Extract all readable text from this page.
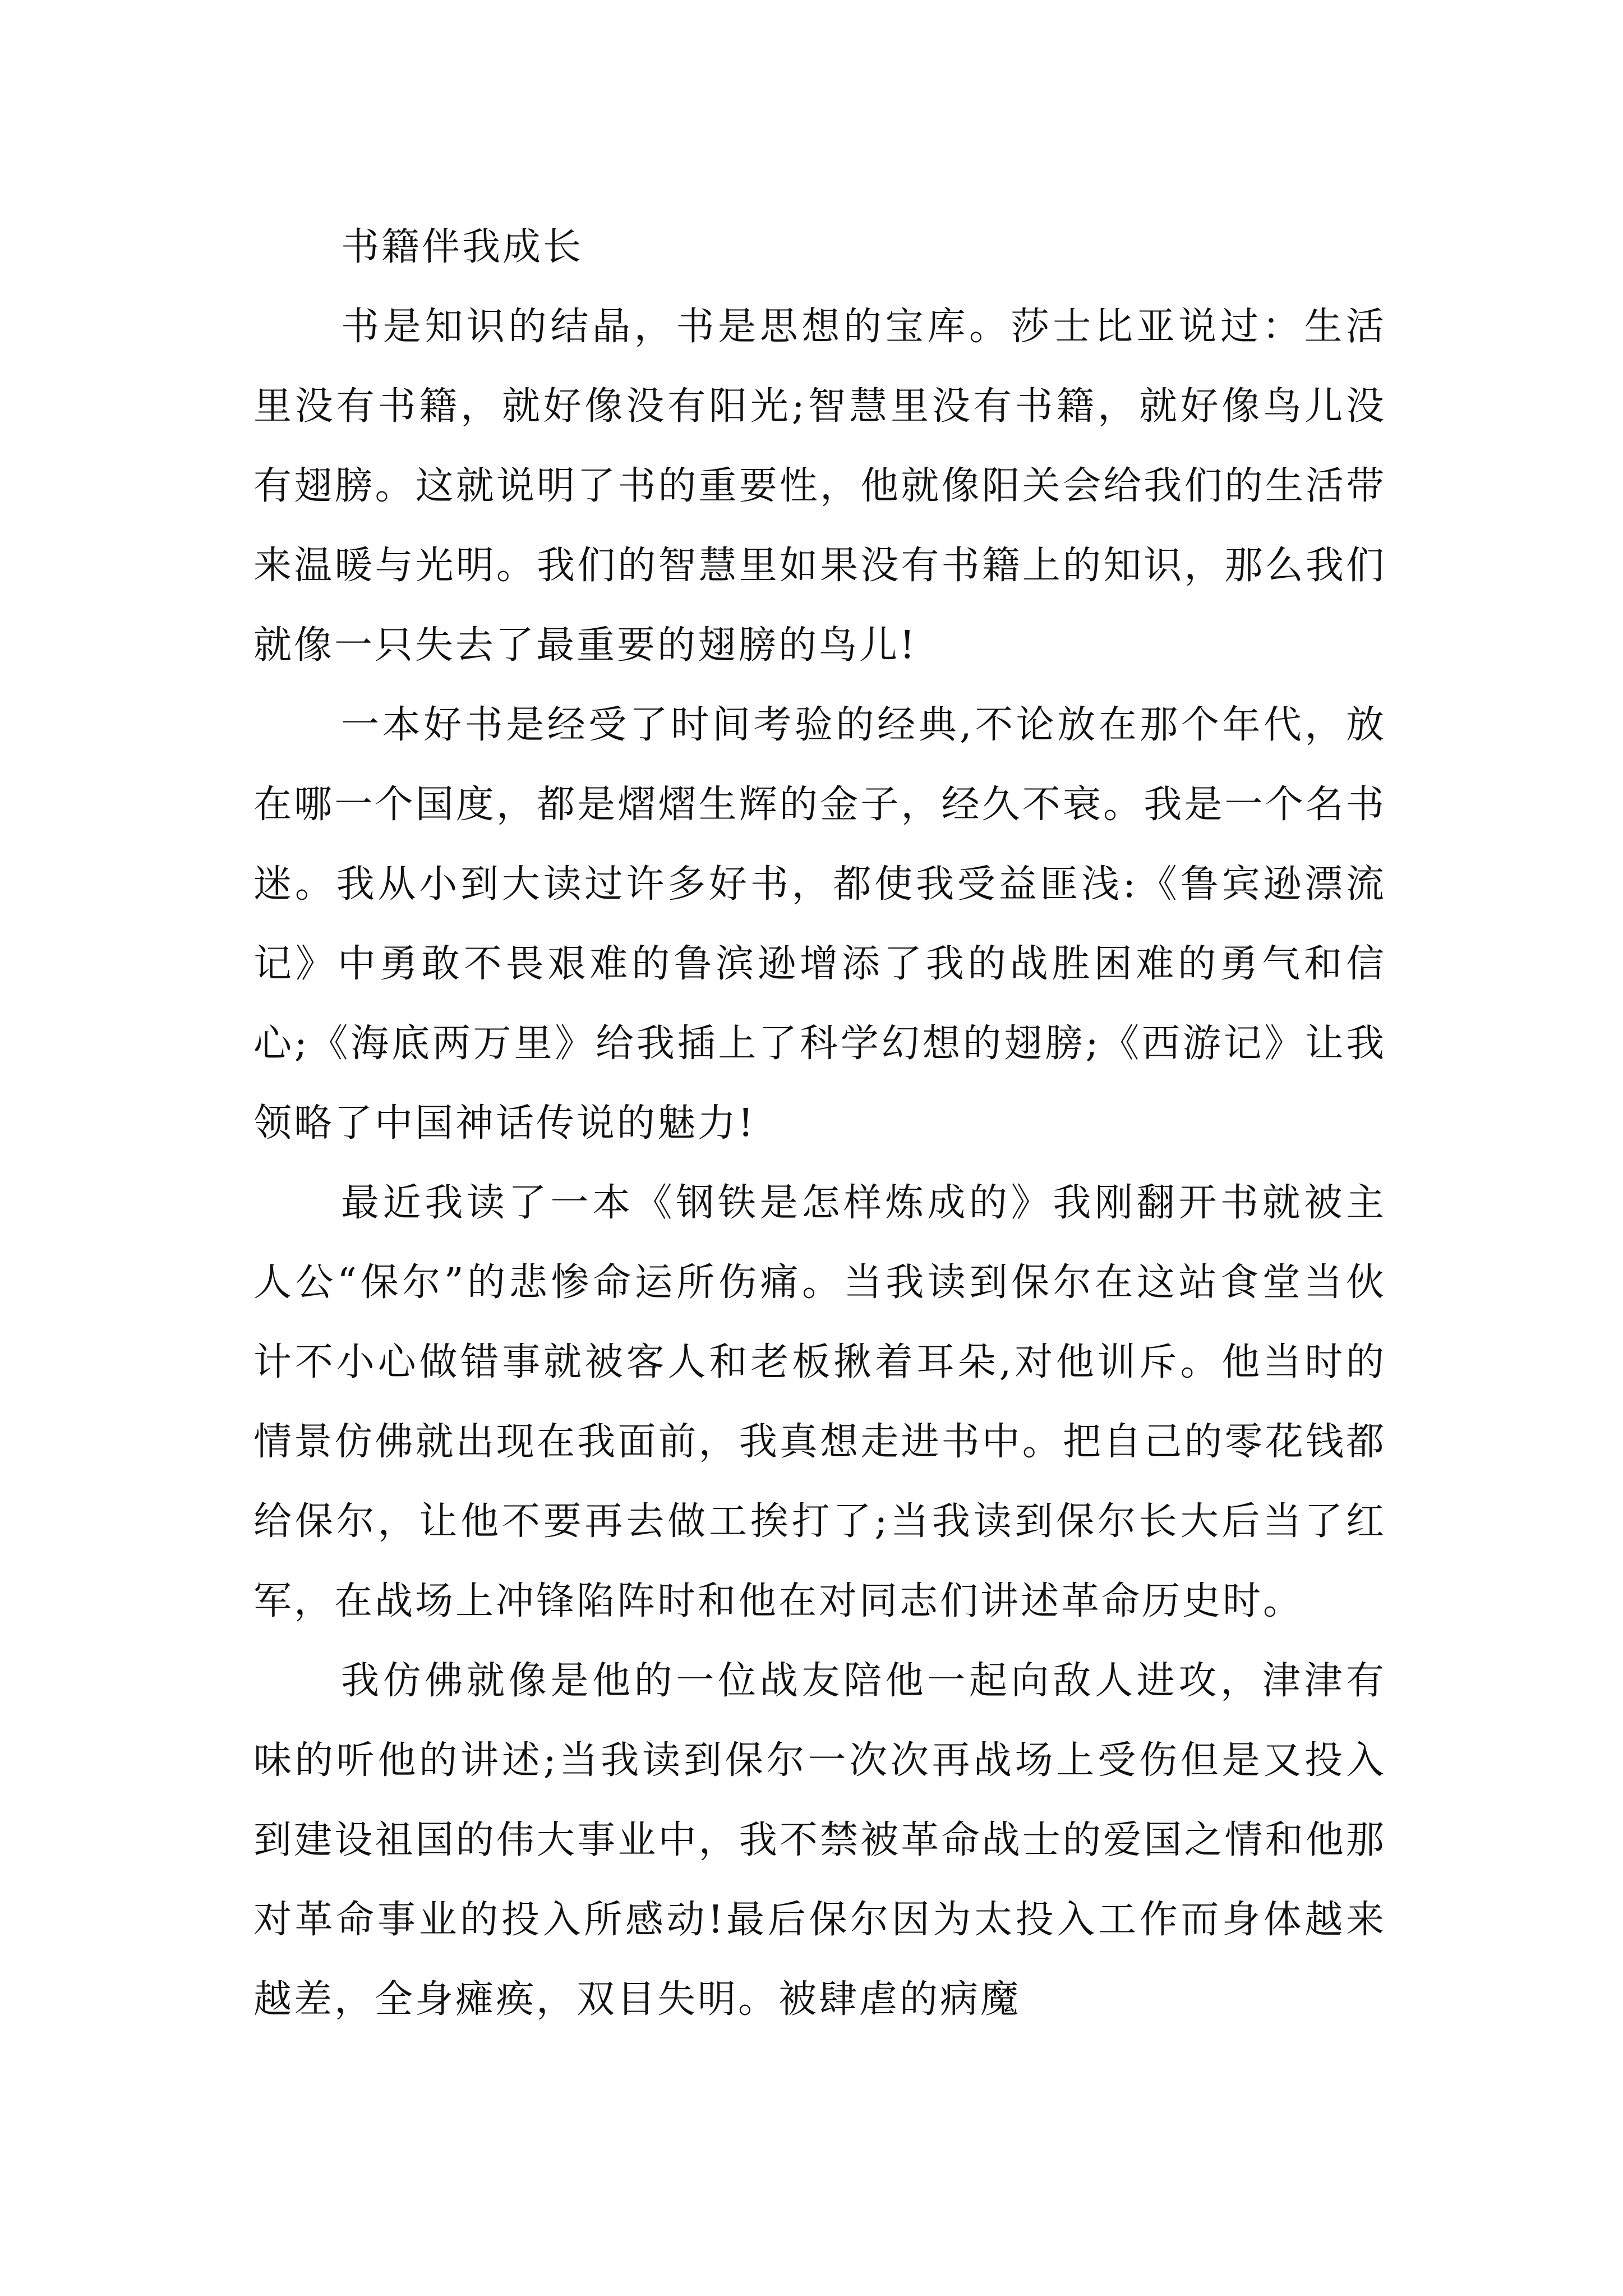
书籍伴我成长

书是知识的结晶，书是思想的宝库。莎士比亚说过：生活里没有书籍，就好像没有阳光;智慧里没有书籍，就好像鸟儿没有翅膀。这就说明了书的重要性，他就像阳关会给我们的生活带来温暖与光明。我们的智慧里如果没有书籍上的知识，那么我们就像一只失去了最重要的翅膀的鸟儿!

一本好书是经受了时间考验的经典,不论放在那个年代，放在哪一个国度，都是熠熠生辉的金子，经久不衰。我是一个名书迷。我从小到大读过许多好书，都使我受益匪浅:《鲁宾逊漂流记》中勇敢不畏艰难的鲁滨逊增添了我的战胜困难的勇气和信心;《海底两万里》给我插上了科学幻想的翅膀;《西游记》让我领略了中国神话传说的魅力!

最近我读了一本《钢铁是怎样炼成的》我刚翻开书就被主人公“保尔”的悲惨命运所伤痛。当我读到保尔在这站食堂当伙计不小心做错事就被客人和老板揪着耳朵,对他训斥。他当时的情景仿佛就出现在我面前，我真想走进书中。把自己的零花钱都给保尔，让他不要再去做工挨打了;当我读到保尔长大后当了红军，在战场上冲锋陷阵时和他在对同志们讲述革命历史时。

我仿佛就像是他的一位战友陪他一起向敌人进攻，津津有味的听他的讲述;当我读到保尔一次次再战场上受伤但是又投入到建设祖国的伟大事业中，我不禁被革命战士的爱国之情和他那对革命事业的投入所感动!最后保尔因为太投入工作而身体越来越差，全身瘫痪，双目失明。被肆虐的病魔
